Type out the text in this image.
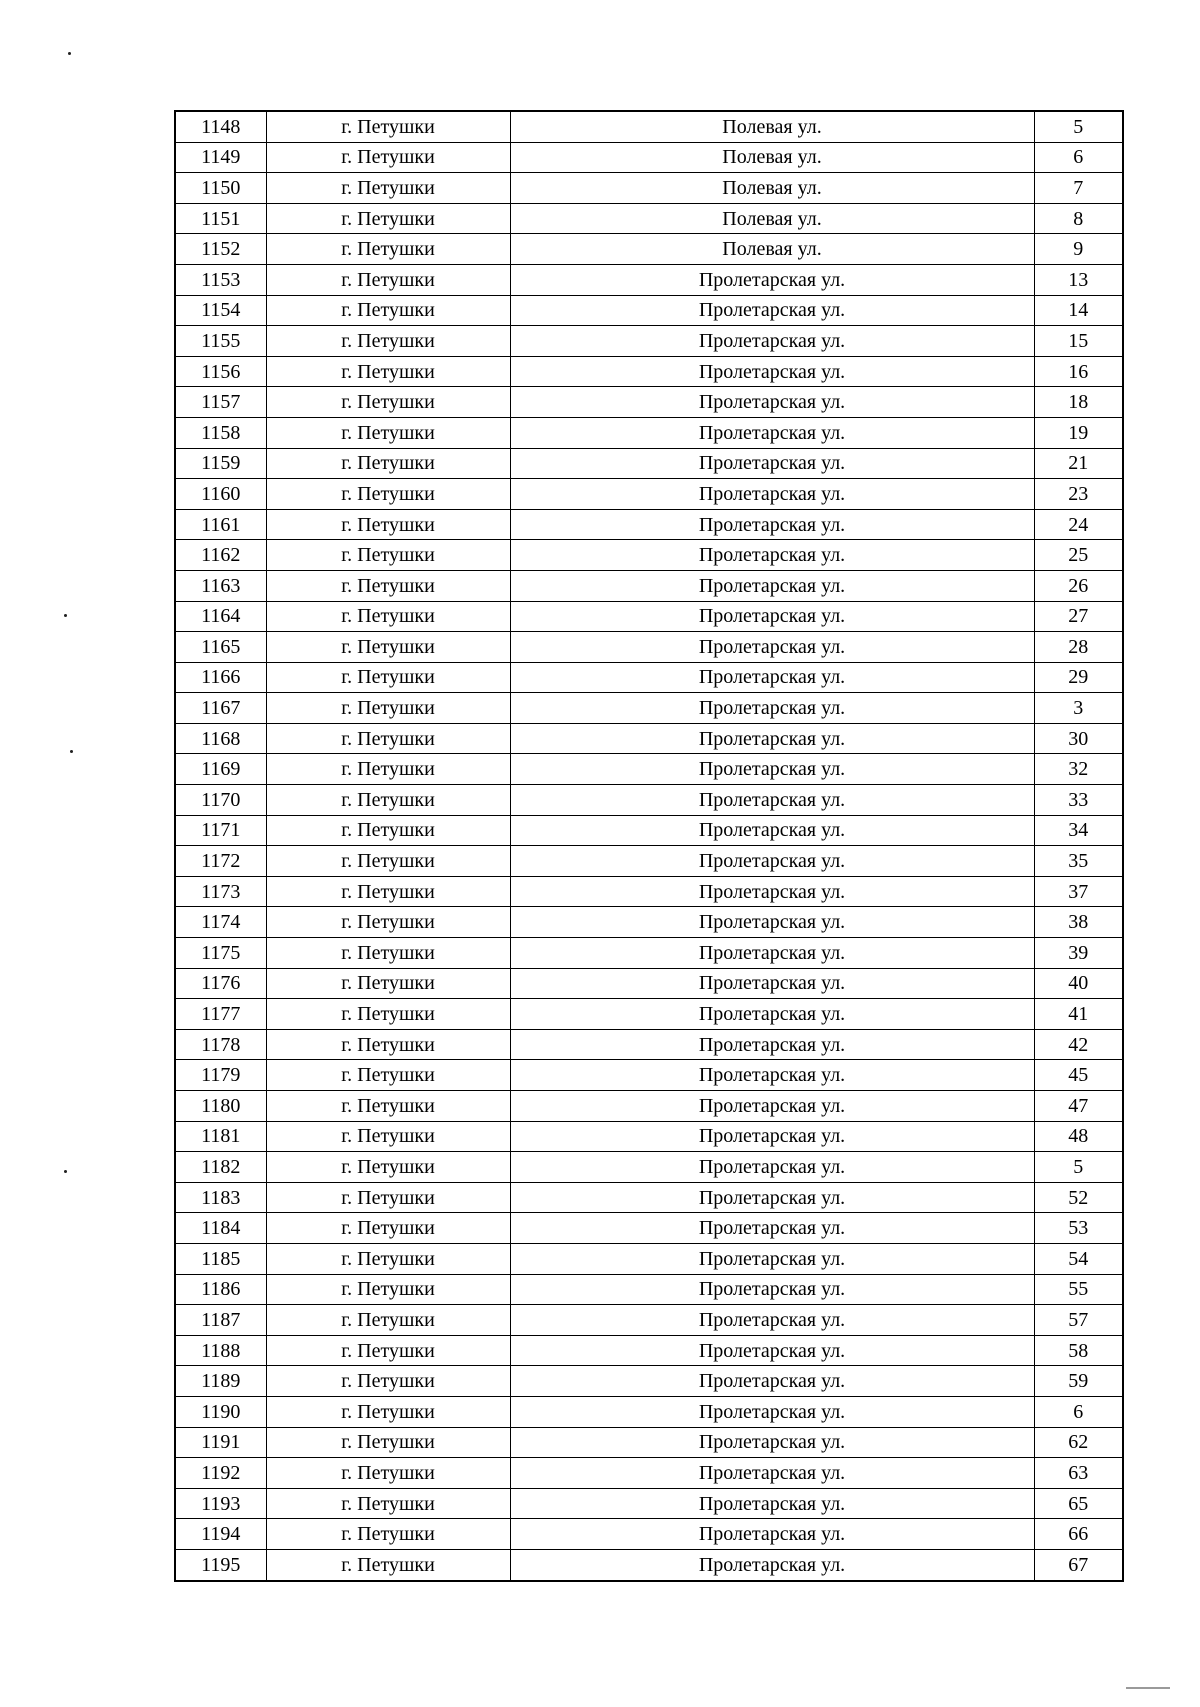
1148	г. Петушки	Полевая ул.	5
1149	г. Петушки	Полевая ул.	6
1150	г. Петушки	Полевая ул.	7
1151	г. Петушки	Полевая ул.	8
1152	г. Петушки	Полевая ул.	9
1153	г. Петушки	Пролетарская ул.	13
1154	г. Петушки	Пролетарская ул.	14
1155	г. Петушки	Пролетарская ул.	15
1156	г. Петушки	Пролетарская ул.	16
1157	г. Петушки	Пролетарская ул.	18
1158	г. Петушки	Пролетарская ул.	19
1159	г. Петушки	Пролетарская ул.	21
1160	г. Петушки	Пролетарская ул.	23
1161	г. Петушки	Пролетарская ул.	24
1162	г. Петушки	Пролетарская ул.	25
1163	г. Петушки	Пролетарская ул.	26
1164	г. Петушки	Пролетарская ул.	27
1165	г. Петушки	Пролетарская ул.	28
1166	г. Петушки	Пролетарская ул.	29
1167	г. Петушки	Пролетарская ул.	3
1168	г. Петушки	Пролетарская ул.	30
1169	г. Петушки	Пролетарская ул.	32
1170	г. Петушки	Пролетарская ул.	33
1171	г. Петушки	Пролетарская ул.	34
1172	г. Петушки	Пролетарская ул.	35
1173	г. Петушки	Пролетарская ул.	37
1174	г. Петушки	Пролетарская ул.	38
1175	г. Петушки	Пролетарская ул.	39
1176	г. Петушки	Пролетарская ул.	40
1177	г. Петушки	Пролетарская ул.	41
1178	г. Петушки	Пролетарская ул.	42
1179	г. Петушки	Пролетарская ул.	45
1180	г. Петушки	Пролетарская ул.	47
1181	г. Петушки	Пролетарская ул.	48
1182	г. Петушки	Пролетарская ул.	5
1183	г. Петушки	Пролетарская ул.	52
1184	г. Петушки	Пролетарская ул.	53
1185	г. Петушки	Пролетарская ул.	54
1186	г. Петушки	Пролетарская ул.	55
1187	г. Петушки	Пролетарская ул.	57
1188	г. Петушки	Пролетарская ул.	58
1189	г. Петушки	Пролетарская ул.	59
1190	г. Петушки	Пролетарская ул.	6
1191	г. Петушки	Пролетарская ул.	62
1192	г. Петушки	Пролетарская ул.	63
1193	г. Петушки	Пролетарская ул.	65
1194	г. Петушки	Пролетарская ул.	66
1195	г. Петушки	Пролетарская ул.	67
